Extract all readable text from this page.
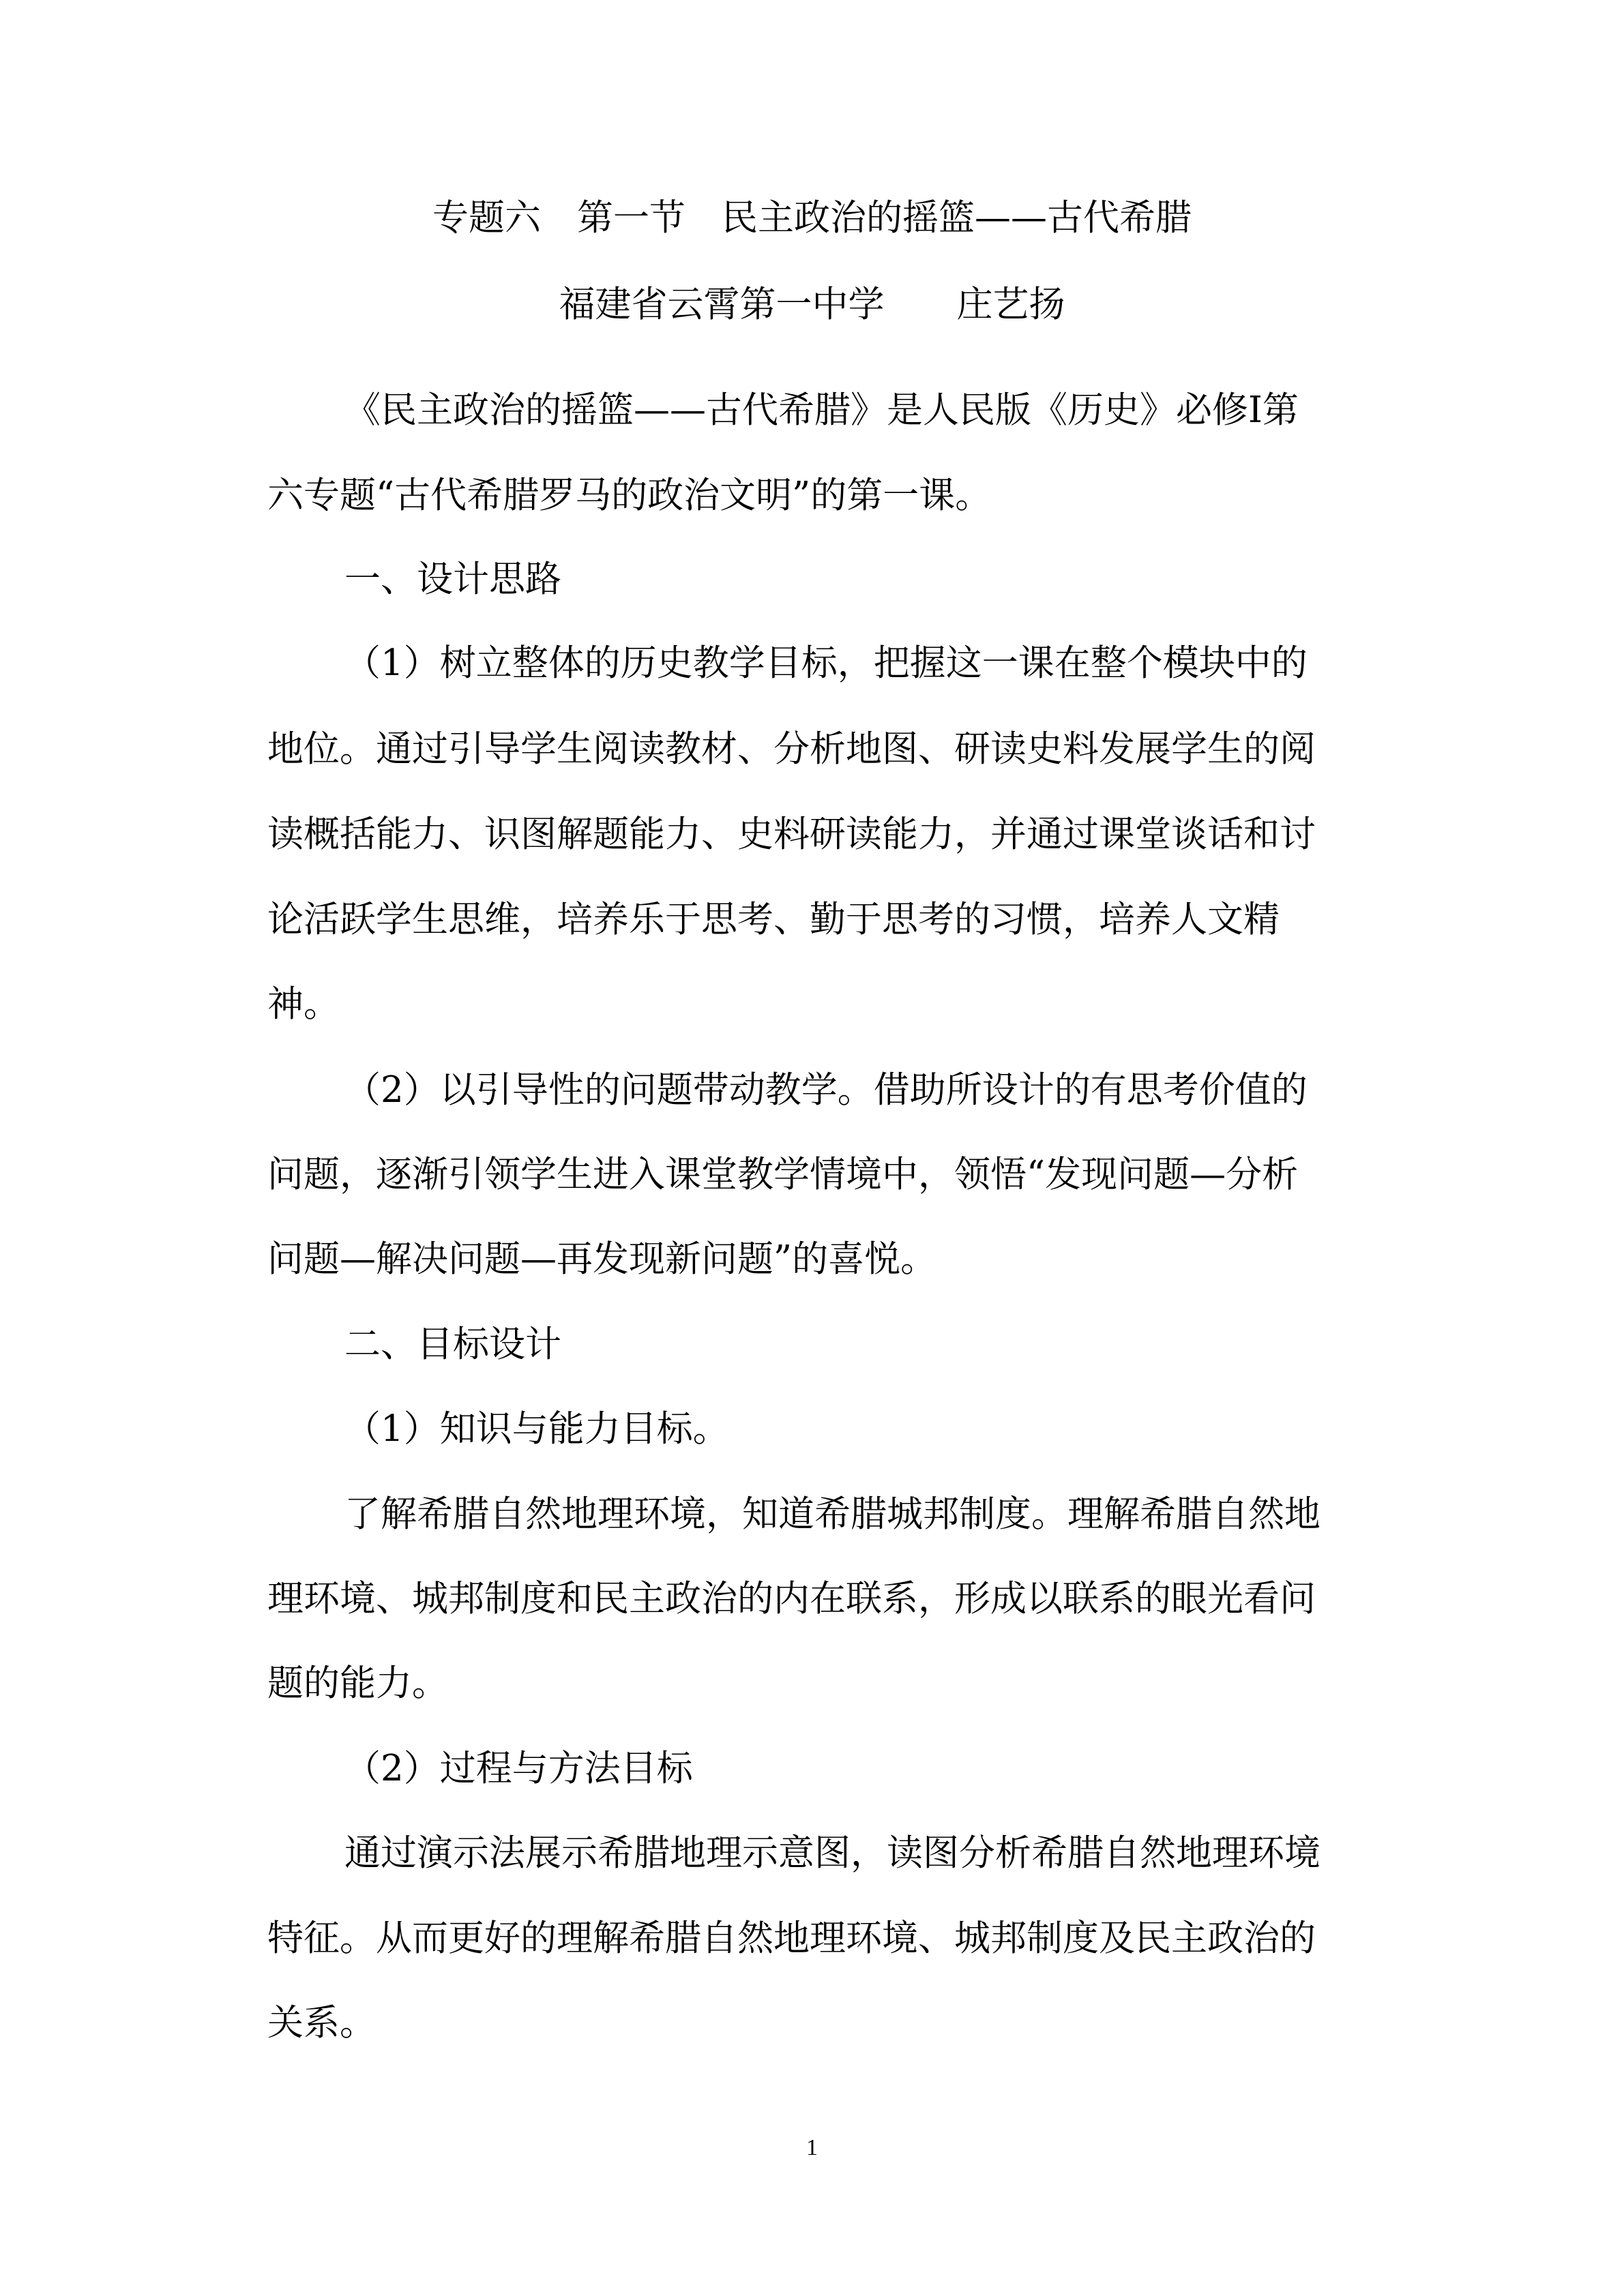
专题六　第一节　民主政治的摇篮——古代希腊
福建省云霄第一中学　　庄艺扬
《民主政治的摇篮——古代希腊》是人民版《历史》必修Ⅰ第
六专题“古代希腊罗马的政治文明”的第一课。
一、设计思路
（1）树立整体的历史教学目标，把握这一课在整个模块中的
地位。通过引导学生阅读教材、分析地图、研读史料发展学生的阅
读概括能力、识图解题能力、史料研读能力，并通过课堂谈话和讨
论活跃学生思维，培养乐于思考、勤于思考的习惯，培养人文精
神。
（2）以引导性的问题带动教学。借助所设计的有思考价值的
问题，逐渐引领学生进入课堂教学情境中，领悟“发现问题—分析
问题—解决问题—再发现新问题”的喜悦。
二、目标设计
（1）知识与能力目标。
了解希腊自然地理环境，知道希腊城邦制度。理解希腊自然地
理环境、城邦制度和民主政治的内在联系，形成以联系的眼光看问
题的能力。
（2）过程与方法目标
通过演示法展示希腊地理示意图，读图分析希腊自然地理环境
特征。从而更好的理解希腊自然地理环境、城邦制度及民主政治的
关系。
1
